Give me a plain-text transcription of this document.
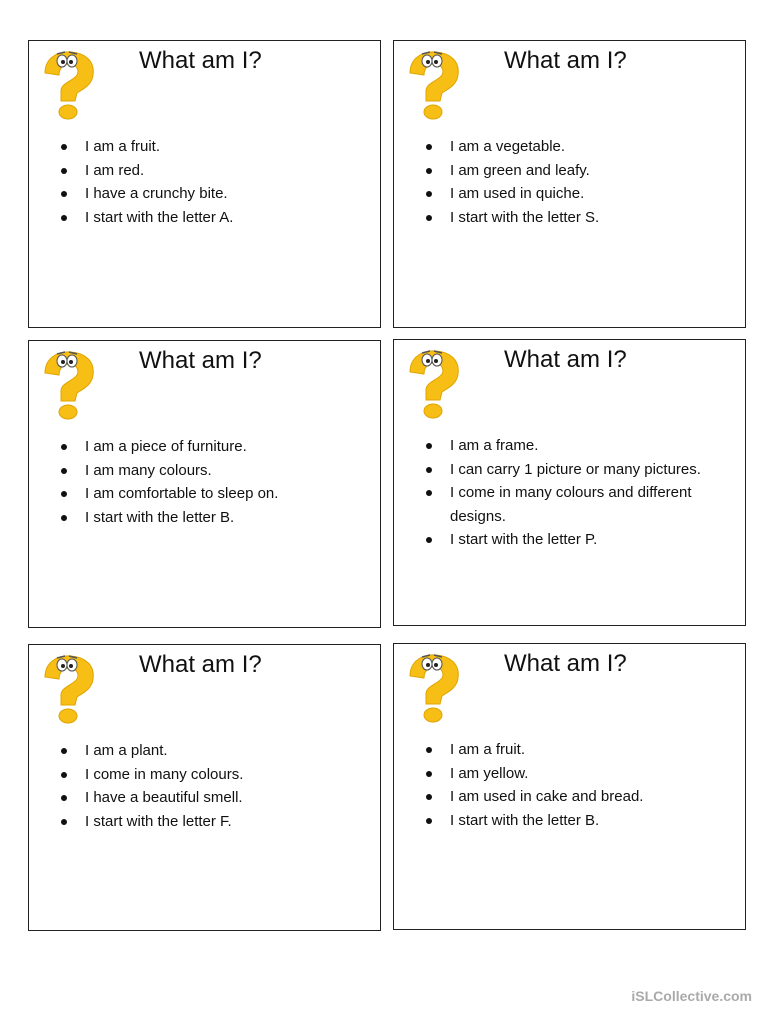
What am I?
I am a fruit.
I am red.
I have a crunchy bite.
I start with the letter A.
What am I?
I am a vegetable.
I am green and leafy.
I am used in quiche.
I start with the letter S.
What am I?
I am a piece of furniture.
I am many colours.
I am comfortable to sleep on.
I start with the letter B.
What am I?
I am a frame.
I can carry 1 picture or many pictures.
I come in many colours and different designs.
I start with the letter P.
What am I?
I am a plant.
I come in many colours.
I have a beautiful smell.
I start with the letter F.
What am I?
I am a fruit.
I am yellow.
I am used in cake and bread.
I start with the letter B.
iSLCollective.com
